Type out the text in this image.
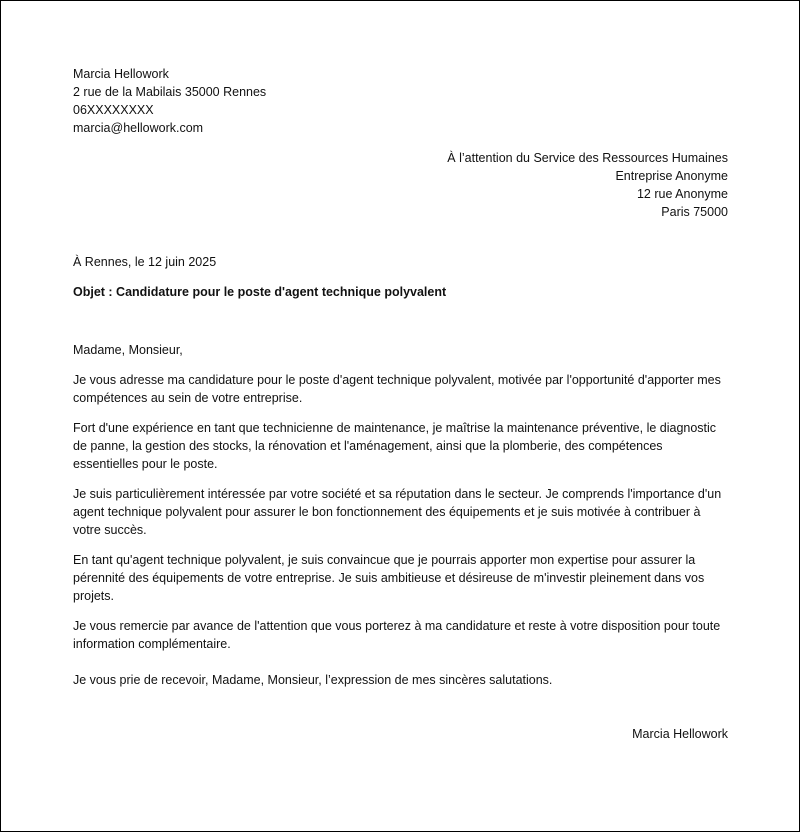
Marcia Hellowork

2 rue de la Mabilais 35000 Rennes

06XXXXXXXX

marcia@hellowork.com

À l’attention du Service des Ressources Humaines

Entreprise Anonyme

12 rue Anonyme

Paris 75000

À Rennes, le 12 juin 2025
Objet : Candidature pour le poste d'agent technique polyvalent
Madame, Monsieur,

Je vous adresse ma candidature pour le poste d'agent technique polyvalent, motivée par l'opportunité d'apporter mes compétences au sein de votre entreprise.

Fort d'une expérience en tant que technicienne de maintenance, je maîtrise la maintenance préventive, le diagnostic de panne, la gestion des stocks, la rénovation et l'aménagement, ainsi que la plomberie, des compétences essentielles pour le poste.

Je suis particulièrement intéressée par votre société et sa réputation dans le secteur. Je comprends l'importance d'un agent technique polyvalent pour assurer le bon fonctionnement des équipements et je suis motivée à contribuer à votre succès.

En tant qu'agent technique polyvalent, je suis convaincue que je pourrais apporter mon expertise pour assurer la pérennité des équipements de votre entreprise. Je suis ambitieuse et désireuse de m'investir pleinement dans vos projets.

Je vous remercie par avance de l'attention que vous porterez à ma candidature et reste à votre disposition pour toute information complémentaire.

Je vous prie de recevoir, Madame, Monsieur, l’expression de mes sincères salutations.
Marcia Hellowork
